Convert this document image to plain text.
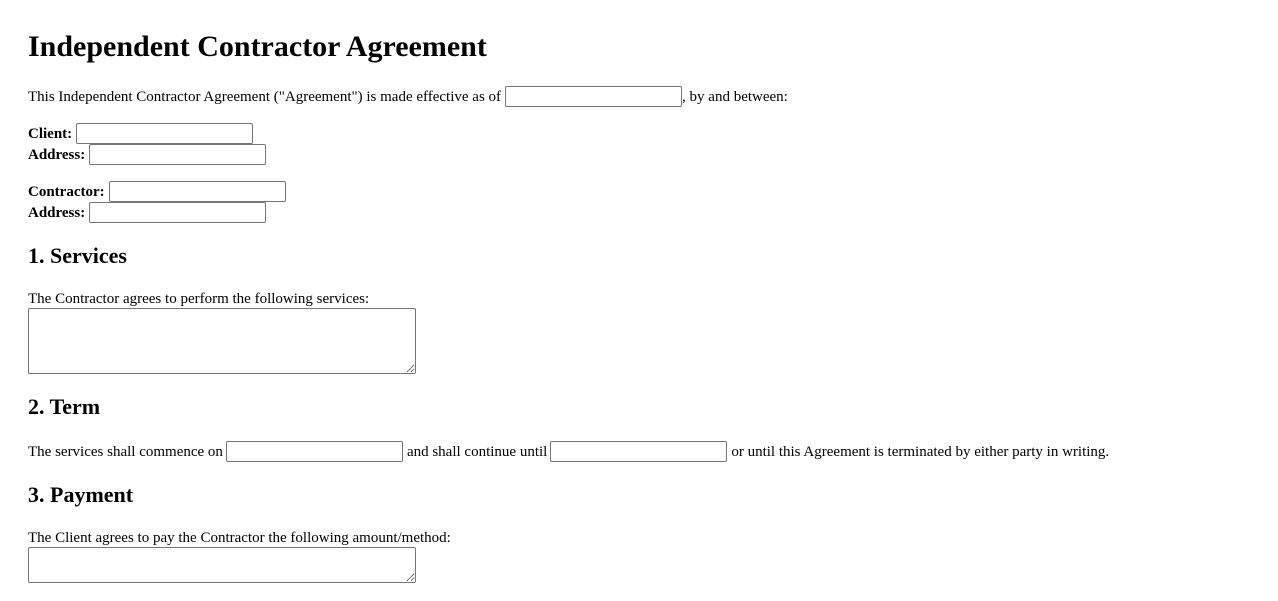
Independent Contractor Agreement
This Independent Contractor Agreement ("Agreement") is made effective as of	, by and between:
Client:
Address:
Contractor:
Address:
1. Services
The Contractor agrees to perform the following services:
2. Term
The services shall commence on	and shall continue until	or until this Agreement is terminated by either party in writing.
3. Payment
The Client agrees to pay the Contractor the following amount/method:
